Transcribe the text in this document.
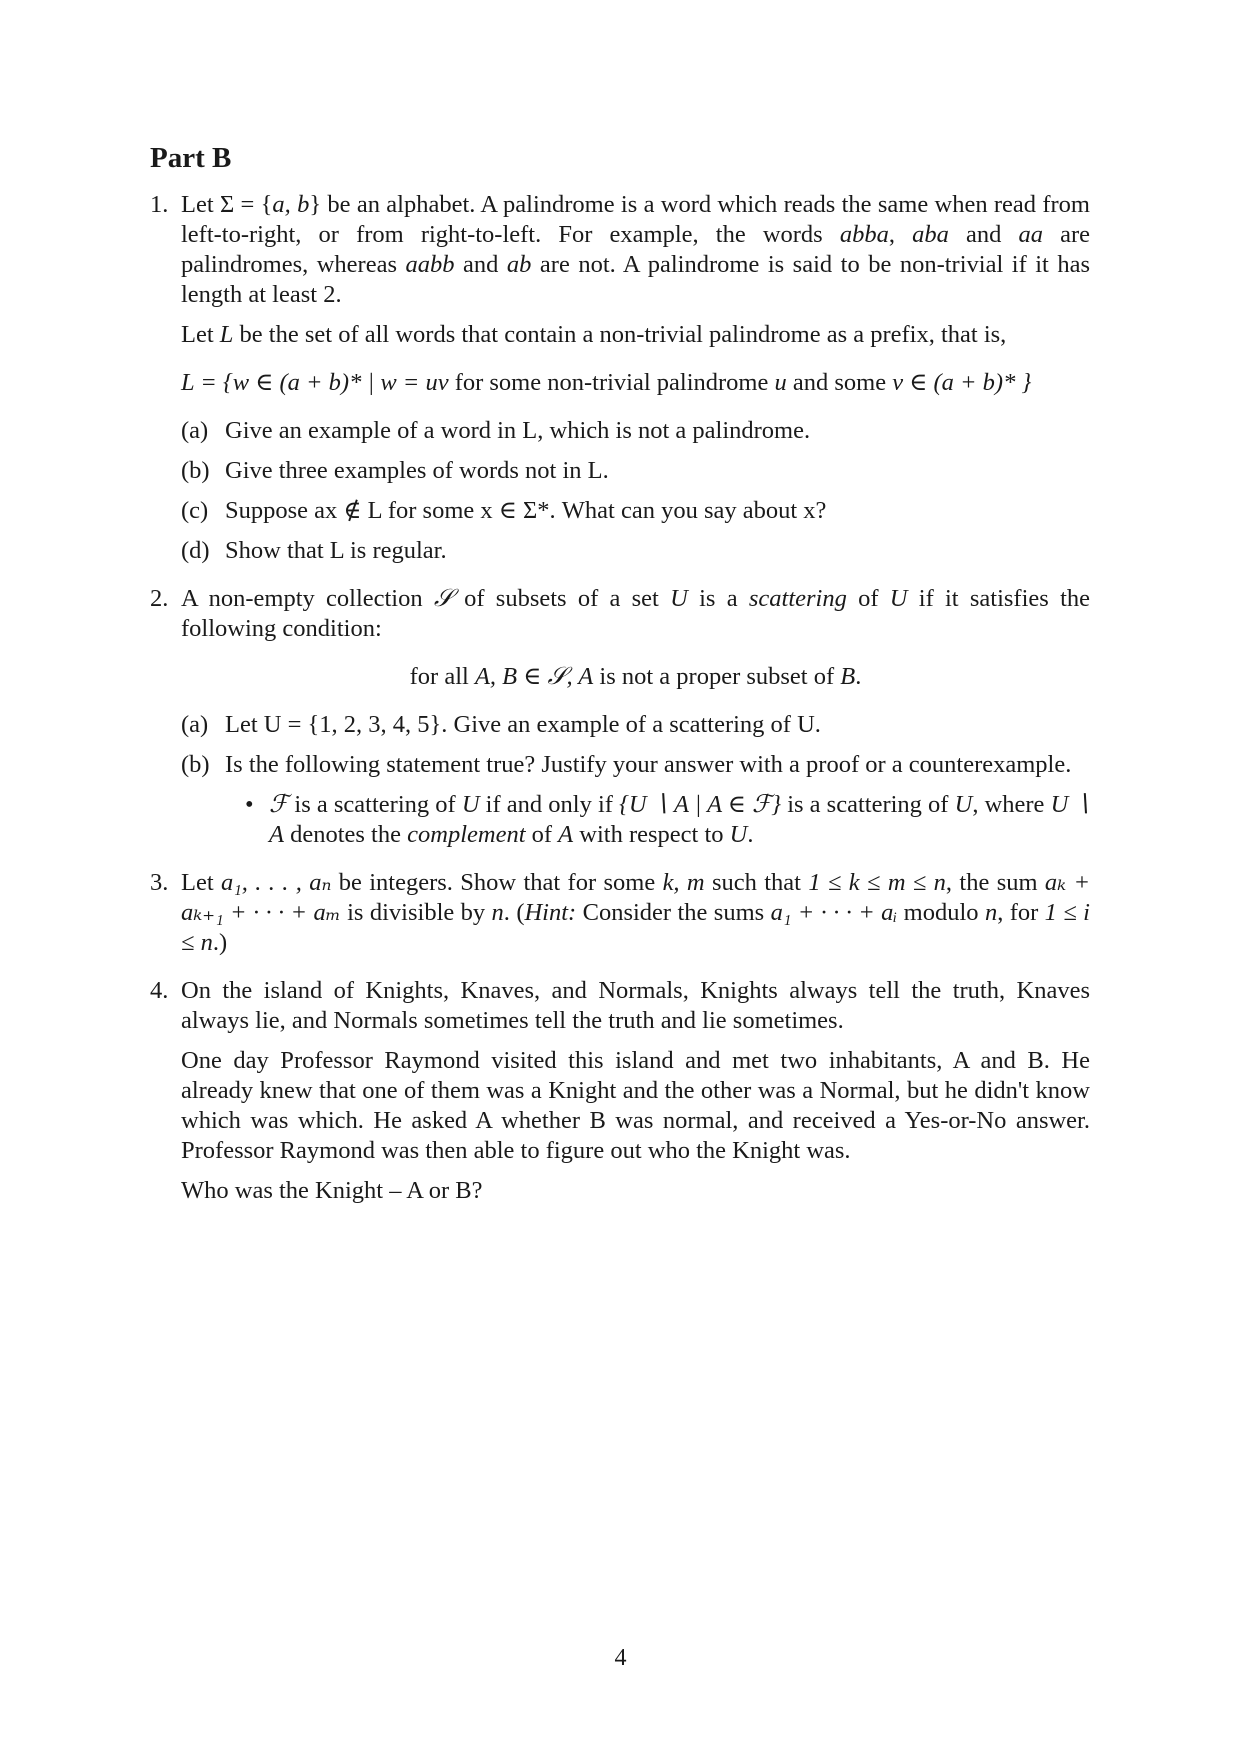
Part B
1. Let Σ = {a, b} be an alphabet. A palindrome is a word which reads the same when read from left-to-right, or from right-to-left. For example, the words abba, aba and aa are palindromes, whereas aabb and ab are not. A palindrome is said to be non-trivial if it has length at least 2.

Let L be the set of all words that contain a non-trivial palindrome as a prefix, that is,

L = {w ∈ (a + b)* | w = uv for some non-trivial palindrome u and some v ∈ (a + b)* }
(a) Give an example of a word in L, which is not a palindrome.
(b) Give three examples of words not in L.
(c) Suppose ax ∉ L for some x ∈ Σ*. What can you say about x?
(d) Show that L is regular.
2. A non-empty collection 𝒮 of subsets of a set U is a scattering of U if it satisfies the following condition:

for all A, B ∈ 𝒮, A is not a proper subset of B.
(a) Let U = {1, 2, 3, 4, 5}. Give an example of a scattering of U.
(b) Is the following statement true? Justify your answer with a proof or a counterexample.
• ℱ is a scattering of U if and only if {U ∖ A | A ∈ ℱ} is a scattering of U, where U ∖ A denotes the complement of A with respect to U.
3. Let a₁, . . . , aₙ be integers. Show that for some k, m such that 1 ≤ k ≤ m ≤ n, the sum aₖ + aₖ₊₁ + · · · + aₘ is divisible by n. (Hint: Consider the sums a₁ + · · · + aᵢ modulo n, for 1 ≤ i ≤ n.)

4. On the island of Knights, Knaves, and Normals, Knights always tell the truth, Knaves always lie, and Normals sometimes tell the truth and lie sometimes.

One day Professor Raymond visited this island and met two inhabitants, A and B. He already knew that one of them was a Knight and the other was a Normal, but he didn't know which was which. He asked A whether B was normal, and received a Yes-or-No answer. Professor Raymond was then able to figure out who the Knight was.

Who was the Knight – A or B?

4
